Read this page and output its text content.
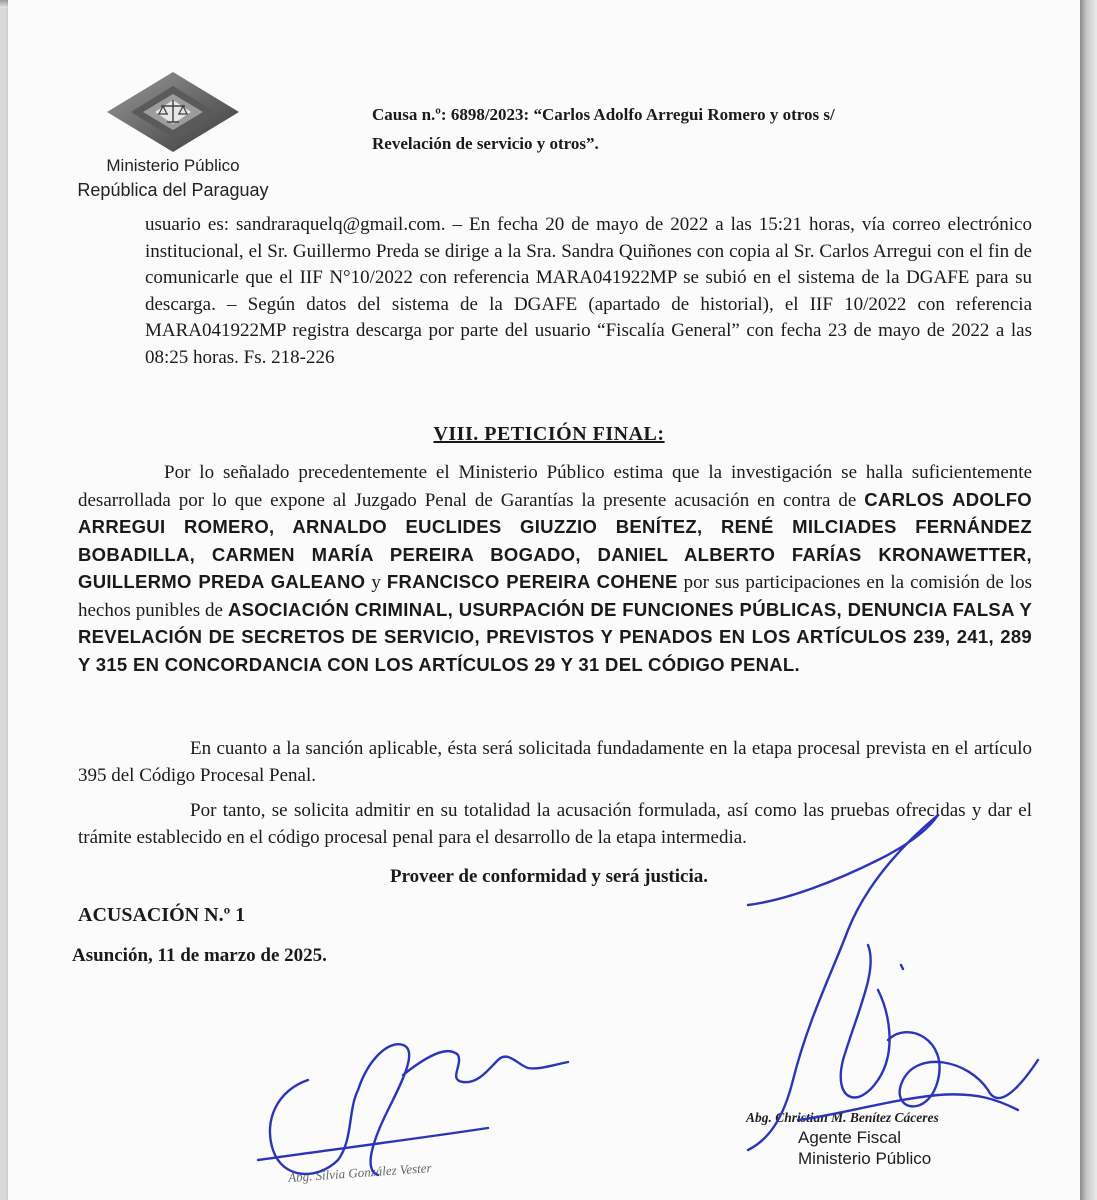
Ministerio Público
República del Paraguay
Causa n.º: 6898/2023: “Carlos Adolfo Arregui Romero y otros s/
Revelación de servicio y otros”.
usuario es: sandraraquelq@gmail.com. – En fecha 20 de mayo de 2022 a las 15:21 horas, vía correo electrónico institucional, el Sr. Guillermo Preda se dirige a la Sra. Sandra Quiñones con copia al Sr. Carlos Arregui con el fin de comunicarle que el IIF N°10/2022 con referencia MARA041922MP se subió en el sistema de la DGAFE para su descarga. – Según datos del sistema de la DGAFE (apartado de historial), el IIF 10/2022 con referencia MARA041922MP registra descarga por parte del usuario “Fiscalía General” con fecha 23 de mayo de 2022 a las 08:25 horas. Fs. 218-226
VIII. PETICIÓN FINAL:
Por lo señalado precedentemente el Ministerio Público estima que la investigación se halla suficientemente desarrollada por lo que expone al Juzgado Penal de Garantías la presente acusación en contra de CARLOS ADOLFO ARREGUI ROMERO, ARNALDO EUCLIDES GIUZZIO BENÍTEZ, RENÉ MILCIADES FERNÁNDEZ BOBADILLA, CARMEN MARÍA PEREIRA BOGADO, DANIEL ALBERTO FARÍAS KRONAWETTER, GUILLERMO PREDA GALEANO y FRANCISCO PEREIRA COHENE por sus participaciones en la comisión de los hechos punibles de ASOCIACIÓN CRIMINAL, USURPACIÓN DE FUNCIONES PÚBLICAS, DENUNCIA FALSA Y REVELACIÓN DE SECRETOS DE SERVICIO, PREVISTOS Y PENADOS EN LOS ARTÍCULOS 239, 241, 289 Y 315 EN CONCORDANCIA CON LOS ARTÍCULOS 29 Y 31 DEL CÓDIGO PENAL.
En cuanto a la sanción aplicable, ésta será solicitada fundadamente en la etapa procesal prevista en el artículo 395 del Código Procesal Penal.
Por tanto, se solicita admitir en su totalidad la acusación formulada, así como las pruebas ofrecidas y dar el trámite establecido en el código procesal penal para el desarrollo de la etapa intermedia.
Proveer de conformidad y será justicia.
ACUSACIÓN N.º 1
Asunción, 11 de marzo de 2025.
Abg. Christian M. Benítez Cáceres
Agente Fiscal
Ministerio Público
Abg. Silvia González Vester
